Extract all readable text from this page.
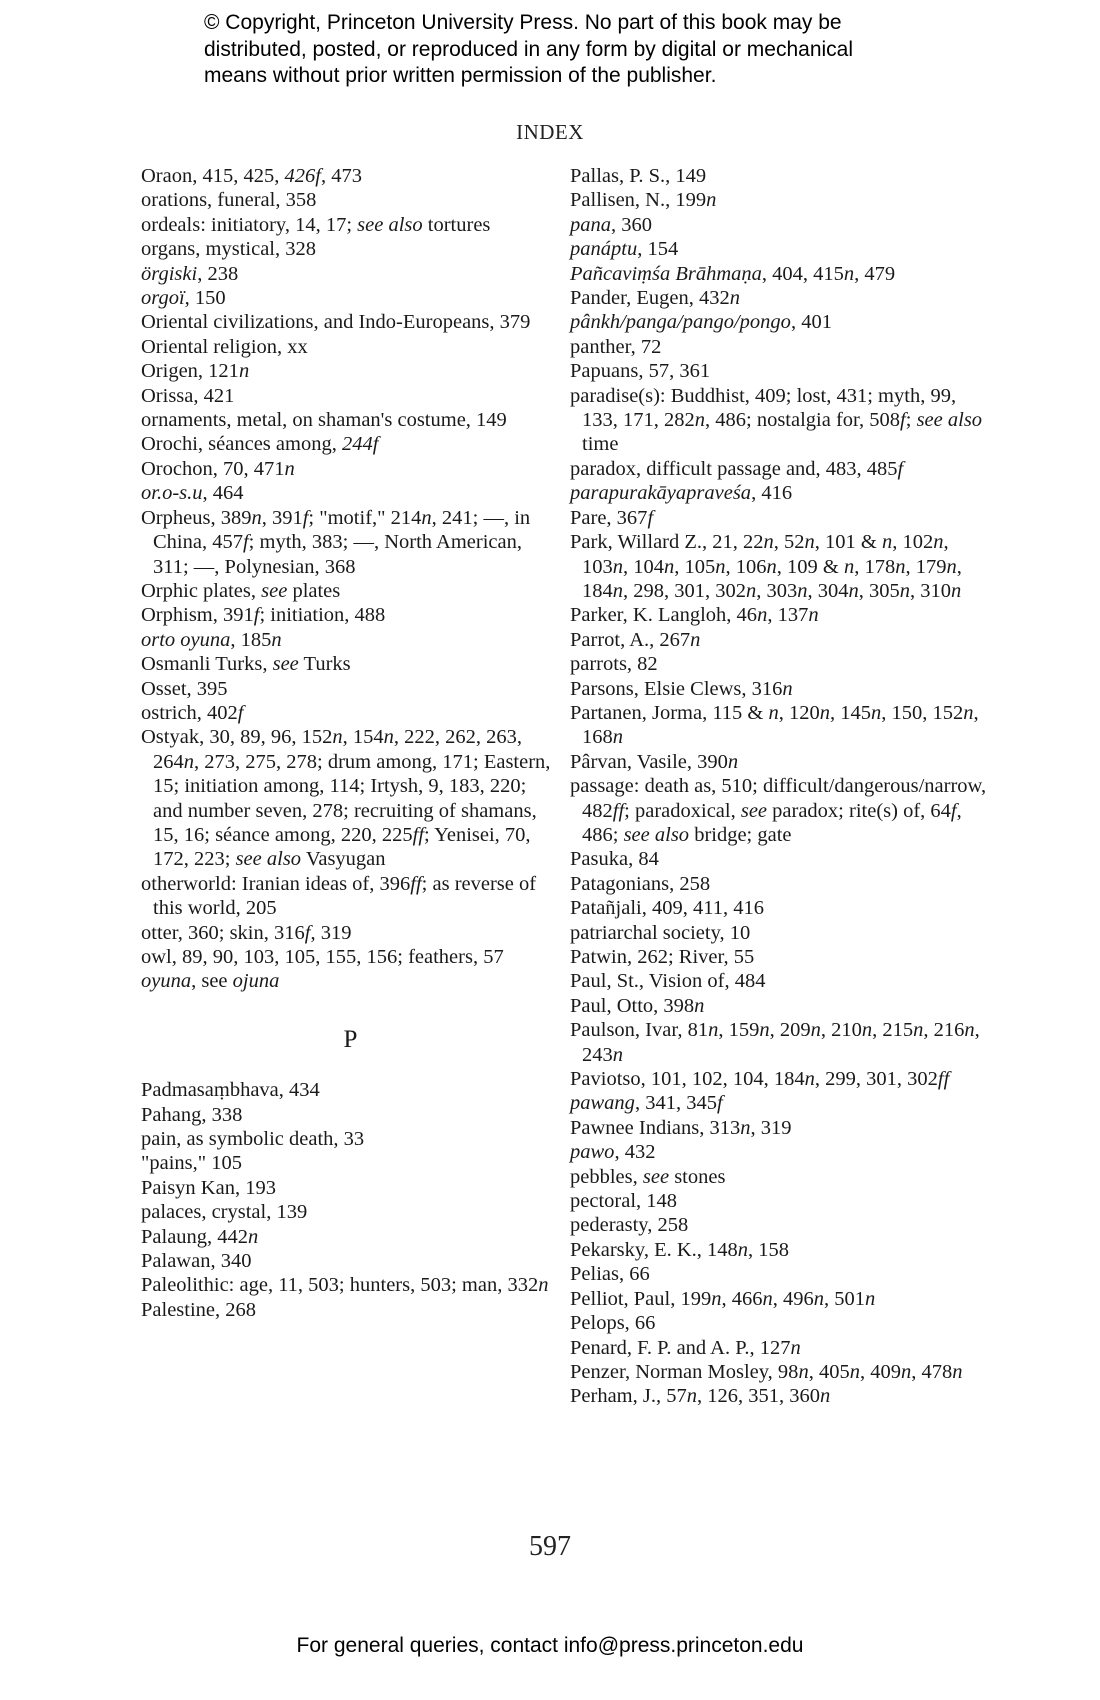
© Copyright, Princeton University Press. No part of this book may be
distributed, posted, or reproduced in any form by digital or mechanical
means without prior written permission of the publisher.
INDEX

Oraon, 415, 425, 426f, 473

orations, funeral, 358

ordeals: initiatory, 14, 17; see also tortures

organs, mystical, 328

örgiski, 238

orgoï, 150

Oriental civilizations, and Indo-Europeans, 379

Oriental religion, xx

Origen, 121n

Orissa, 421

ornaments, metal, on shaman's costume, 149

Orochi, séances among, 244f

Orochon, 70, 471n

or.o-s.u, 464

Orpheus, 389n, 391f; "motif," 214n, 241; —, in China, 457f; myth, 383; —, North American, 311; —, Polynesian, 368

Orphic plates, see plates

Orphism, 391f; initiation, 488

orto oyuna, 185n

Osmanli Turks, see Turks

Osset, 395

ostrich, 402f

Ostyak, 30, 89, 96, 152n, 154n, 222, 262, 263, 264n, 273, 275, 278; drum among, 171; Eastern, 15; initiation among, 114; Irtysh, 9, 183, 220; and number seven, 278; recruiting of shamans, 15, 16; séance among, 220, 225ff; Yenisei, 70, 172, 223; see also Vasyugan

otherworld: Iranian ideas of, 396ff; as reverse of this world, 205

otter, 360; skin, 316f, 319

owl, 89, 90, 103, 105, 155, 156; feathers, 57

oyuna, see ojuna

P

Padmasaṃbhava, 434

Pahang, 338

pain, as symbolic death, 33

"pains," 105

Paisyn Kan, 193

palaces, crystal, 139

Palaung, 442n

Palawan, 340

Paleolithic: age, 11, 503; hunters, 503; man, 332n

Palestine, 268

Pallas, P. S., 149

Pallisen, N., 199n

pana, 360

panáptu, 154

Pañcaviṃśa Brāhmaṇa, 404, 415n, 479

Pander, Eugen, 432n

pânkh/panga/pango/pongo, 401

panther, 72

Papuans, 57, 361

paradise(s): Buddhist, 409; lost, 431; myth, 99, 133, 171, 282n, 486; nostalgia for, 508f; see also time

paradox, difficult passage and, 483, 485f

parapurakāyapraveśa, 416

Pare, 367f

Park, Willard Z., 21, 22n, 52n, 101 & n, 102n, 103n, 104n, 105n, 106n, 109 & n, 178n, 179n, 184n, 298, 301, 302n, 303n, 304n, 305n, 310n

Parker, K. Langloh, 46n, 137n

Parrot, A., 267n

parrots, 82

Parsons, Elsie Clews, 316n

Partanen, Jorma, 115 & n, 120n, 145n, 150, 152n, 168n

Pârvan, Vasile, 390n

passage: death as, 510; difficult/dangerous/narrow, 482ff; paradoxical, see paradox; rite(s) of, 64f, 486; see also bridge; gate

Pasuka, 84

Patagonians, 258

Patañjali, 409, 411, 416

patriarchal society, 10

Patwin, 262; River, 55

Paul, St., Vision of, 484

Paul, Otto, 398n

Paulson, Ivar, 81n, 159n, 209n, 210n, 215n, 216n, 243n

Paviotso, 101, 102, 104, 184n, 299, 301, 302ff

pawang, 341, 345f

Pawnee Indians, 313n, 319

pawo, 432

pebbles, see stones

pectoral, 148

pederasty, 258

Pekarsky, E. K., 148n, 158

Pelias, 66

Pelliot, Paul, 199n, 466n, 496n, 501n

Pelops, 66

Penard, F. P. and A. P., 127n

Penzer, Norman Mosley, 98n, 405n, 409n, 478n

Perham, J., 57n, 126, 351, 360n

597
For general queries, contact info@press.princeton.edu
